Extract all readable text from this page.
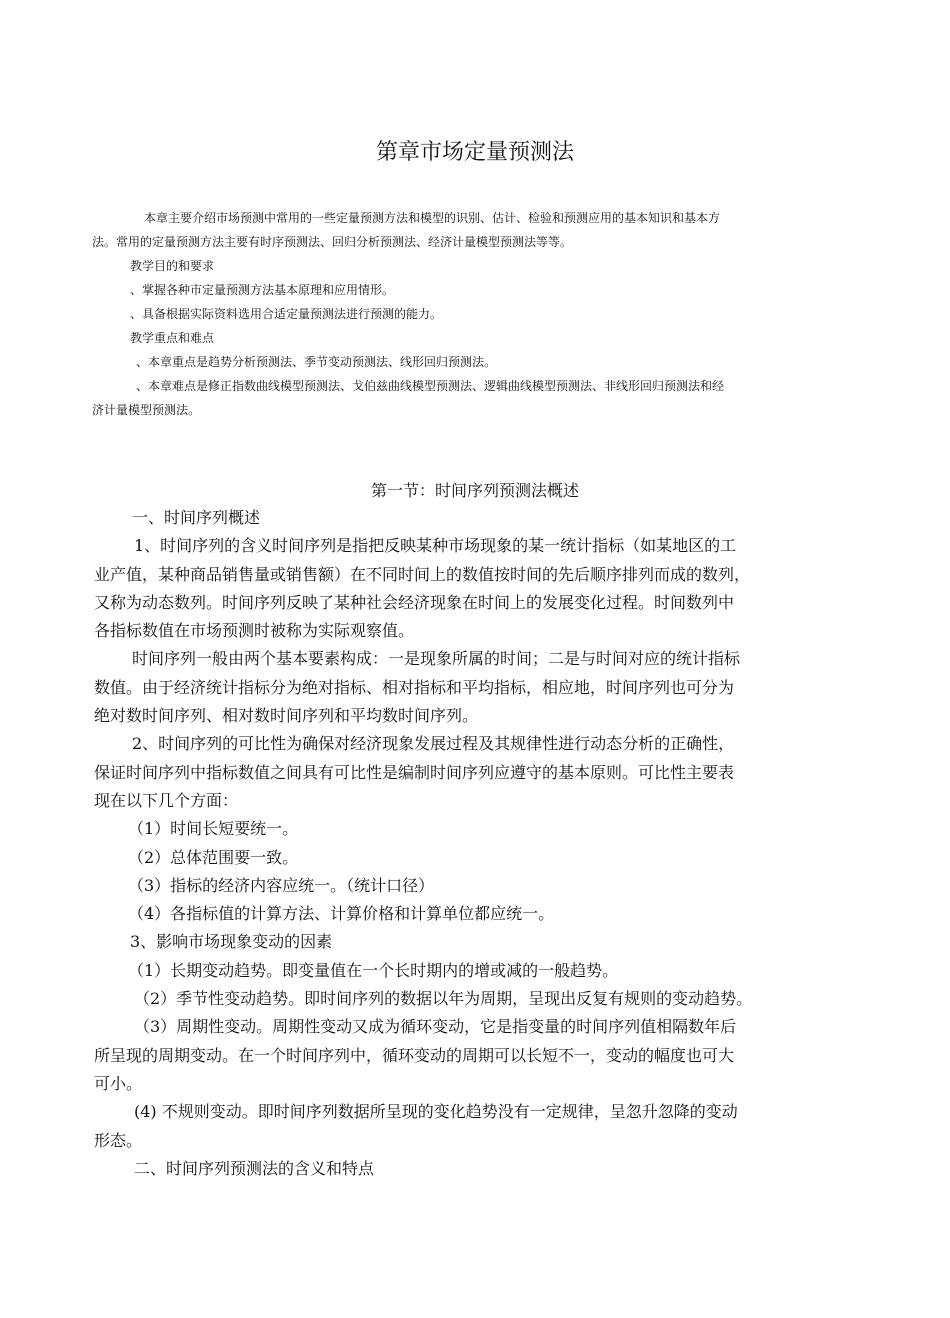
第章市场定量预测法

本章主要介绍市场预测中常用的一些定量预测方法和模型的识别、估计、检验和预测应用的基本知识和基本方

法。常用的定量预测方法主要有时序预测法、回归分析预测法、经济计量模型预测法等等。

教学目的和要求

、掌握各种市定量预测方法基本原理和应用情形。

、具备根据实际资料选用合适定量预测法进行预测的能力。

教学重点和难点

、本章重点是趋势分析预测法、季节变动预测法、线形回归预测法。

、本章难点是修正指数曲线模型预测法、戈伯兹曲线模型预测法、逻辑曲线模型预测法、非线形回归预测法和经

济计量模型预测法。

第一节：时间序列预测法概述

一、时间序列概述

1、时间序列的含义时间序列是指把反映某种市场现象的某一统计指标（如某地区的工

业产值，某种商品销售量或销售额）在不同时间上的数值按时间的先后顺序排列而成的数列，

又称为动态数列。时间序列反映了某种社会经济现象在时间上的发展变化过程。时间数列中

各指标数值在市场预测时被称为实际观察值。

时间序列一般由两个基本要素构成：一是现象所属的时间；二是与时间对应的统计指标

数值。由于经济统计指标分为绝对指标、相对指标和平均指标，相应地，时间序列也可分为

绝对数时间序列、相对数时间序列和平均数时间序列。

2、时间序列的可比性为确保对经济现象发展过程及其规律性进行动态分析的正确性，

保证时间序列中指标数值之间具有可比性是编制时间序列应遵守的基本原则。可比性主要表

现在以下几个方面：

（1）时间长短要统一。

（2）总体范围要一致。

（3）指标的经济内容应统一。（统计口径）

（4）各指标值的计算方法、计算价格和计算单位都应统一。

3、影响市场现象变动的因素

（1）长期变动趋势。即变量值在一个长时期内的增或减的一般趋势。

（2）季节性变动趋势。即时间序列的数据以年为周期，呈现出反复有规则的变动趋势。

（3）周期性变动。周期性变动又成为循环变动，它是指变量的时间序列值相隔数年后

所呈现的周期变动。在一个时间序列中，循环变动的周期可以长短不一，变动的幅度也可大

可小。

(4) 不规则变动。即时间序列数据所呈现的变化趋势没有一定规律，呈忽升忽降的变动

形态。

二、时间序列预测法的含义和特点
